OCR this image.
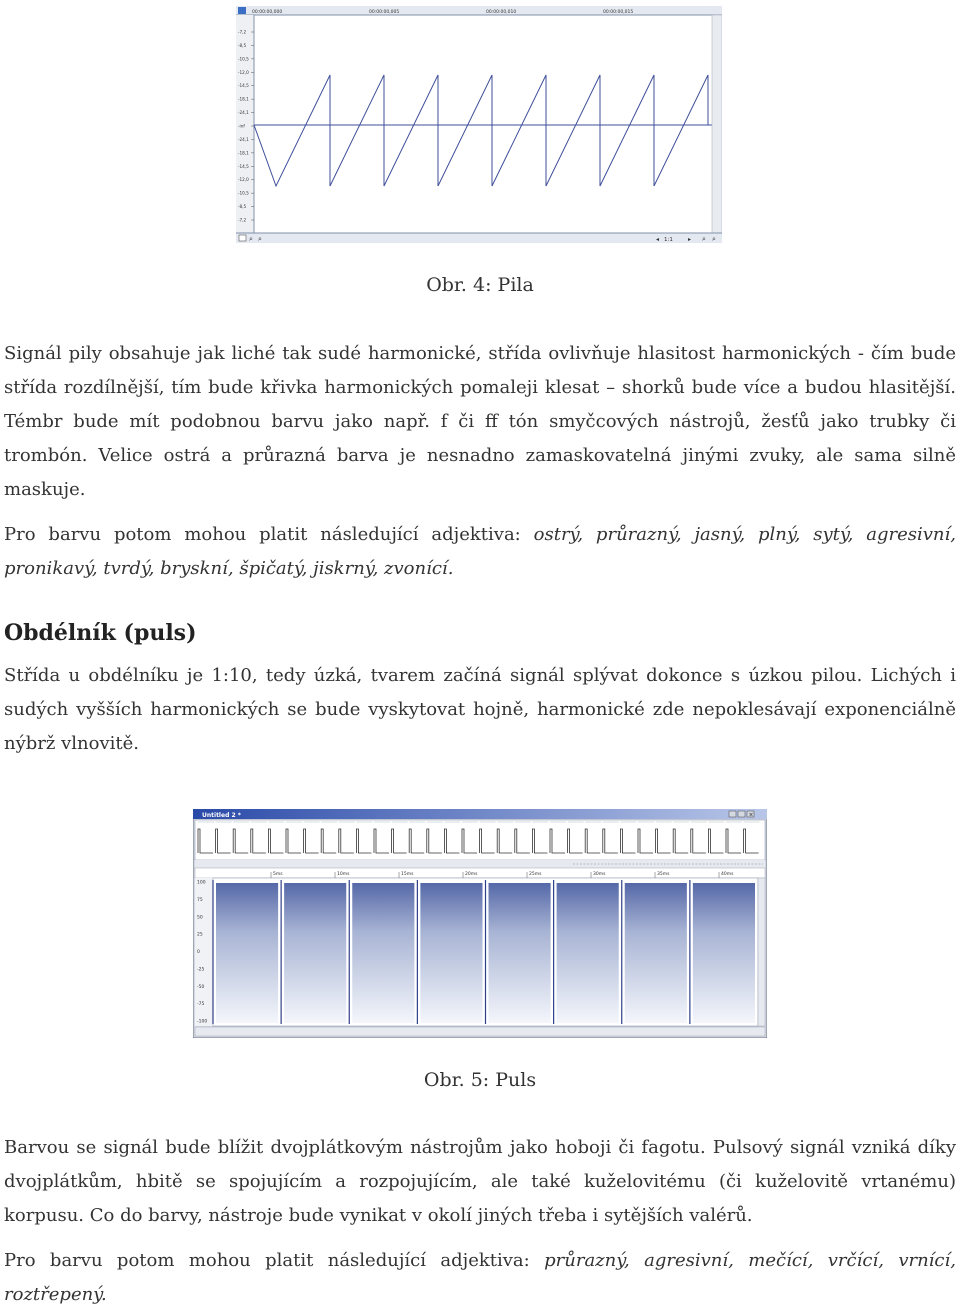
00:00:00,000	00:00:00,005	00:00:00,010	00:00:00,015
-7,2
-8,5
-10,5
-12,0
-14,5
-18,1
-24,1
-inf
-24,1
-18,1
-14,5
-12,0
-10,5
-8,5
-7,2
⌕ ⌕	◂ 1:1	▸ ⌕ ⌕
Obr. 4: Pila

Signál pily obsahuje jak liché tak sudé harmonické, střída ovlivňuje hlasitost harmonických - čím bude střída rozdílnější, tím bude křivka harmonických pomaleji klesat – shorků bude více a budou hlasitější. Témbr bude mít podobnou barvu jako např. f či ff tón smyčcových nástrojů, žesťů jako trubky či trombón. Velice ostrá a průrazná barva je nesnadno zamaskovatelná jinými zvuky, ale sama silně maskuje.

Pro barvu potom mohou platit následující adjektiva: ostrý, průrazný, jasný, plný, sytý, agresivní, pronikavý, tvrdý, bryskní, špičatý, jiskrný, zvonící.

Obdélník (puls)

Střída u obdélníku je 1:10, tedy úzká, tvarem začíná signál splývat dokonce s úzkou pilou. Lichých i sudých vyšších harmonických se bude vyskytovat hojně, harmonické zde nepoklesávají exponenciálně nýbrž vlnovitě.

Untitled 2 *	×
5ms	10ms	15ms	20ms	25ms	30ms	35ms	40ms
100
75
50
25
0
-25
-50
-75
-100
Obr. 5: Puls

Barvou se signál bude blížit dvojplátkovým nástrojům jako hoboji či fagotu. Pulsový signál vzniká díky dvojplátkům, hbitě se spojujícím a rozpojujícím, ale také kuželovitému (či kuželovitě vrtanému) korpusu. Co do barvy, nástroje bude vynikat v okolí jiných třeba i sytějších valérů.

Pro barvu potom mohou platit následující adjektiva: průrazný, agresivní, mečící, vrčící, vrnící, roztřepený.
